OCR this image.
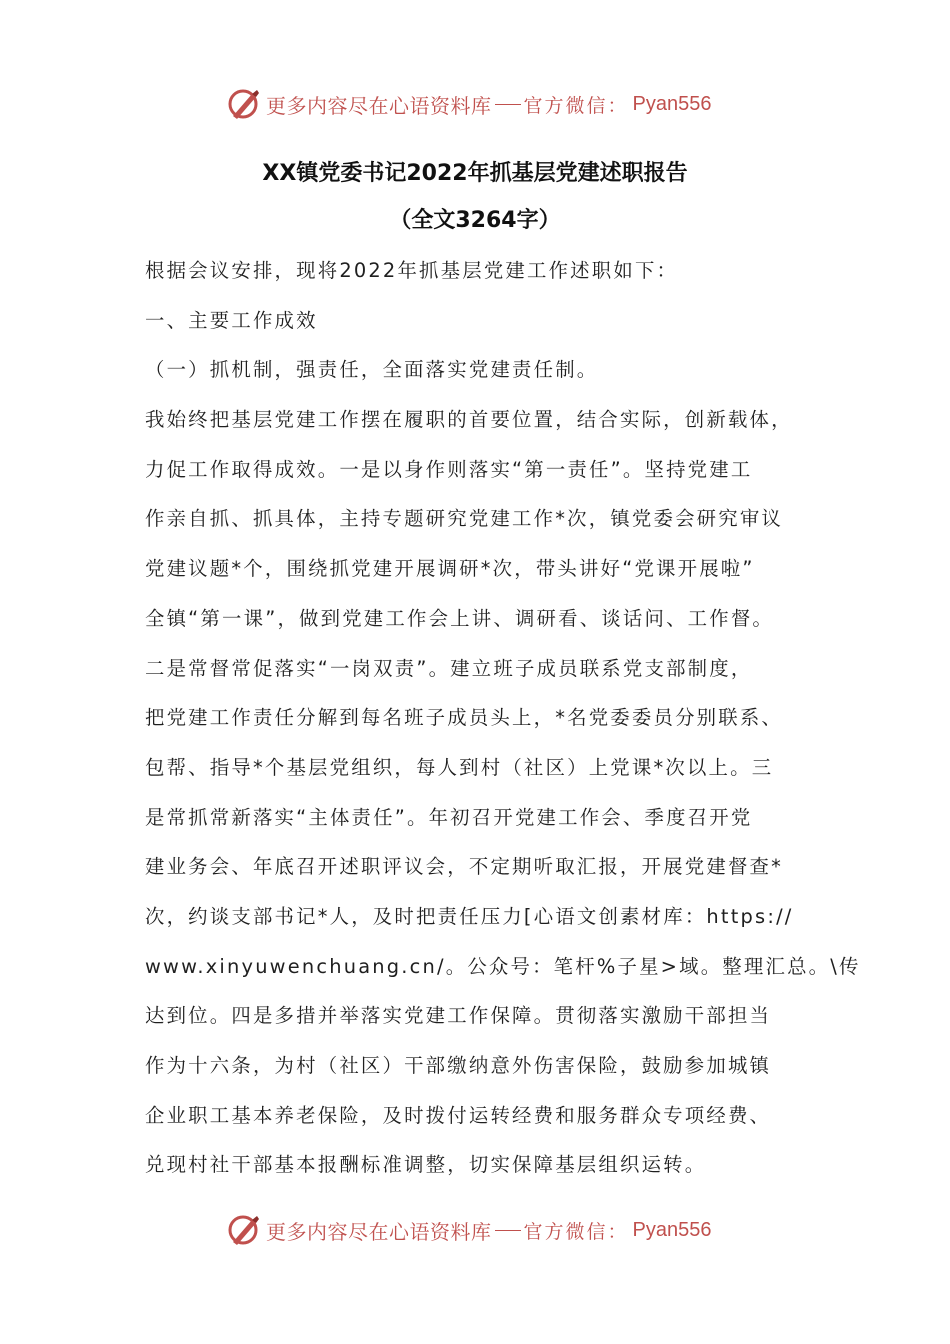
更多内容尽在心语资料库 官方微信： Pyan556
XX镇党委书记2022年抓基层党建述职报告
（全文3264字）
根据会议安排，现将2022年抓基层党建工作述职如下：
一、主要工作成效
（一）抓机制，强责任，全面落实党建责任制。
我始终把基层党建工作摆在履职的首要位置，结合实际，创新载体，
力促工作取得成效。一是以身作则落实“第一责任”。坚持党建工
作亲自抓、抓具体，主持专题研究党建工作*次，镇党委会研究审议
党建议题*个，围绕抓党建开展调研*次，带头讲好“党课开展啦”
全镇“第一课”，做到党建工作会上讲、调研看、谈话问、工作督。
二是常督常促落实“一岗双责”。建立班子成员联系党支部制度，
把党建工作责任分解到每名班子成员头上，*名党委委员分别联系、
包帮、指导*个基层党组织，每人到村（社区）上党课*次以上。三
是常抓常新落实“主体责任”。年初召开党建工作会、季度召开党
建业务会、年底召开述职评议会，不定期听取汇报，开展党建督查*
次，约谈支部书记*人，及时把责任压力[心语文创素材库：https://
www.xinyuwenchuang.cn/。公众号：笔杆%子星>域。整理汇总。\传
达到位。四是多措并举落实党建工作保障。贯彻落实激励干部担当
作为十六条，为村（社区）干部缴纳意外伤害保险，鼓励参加城镇
企业职工基本养老保险，及时拨付运转经费和服务群众专项经费、
兑现村社干部基本报酬标准调整，切实保障基层组织运转。
更多内容尽在心语资料库 官方微信： Pyan556
